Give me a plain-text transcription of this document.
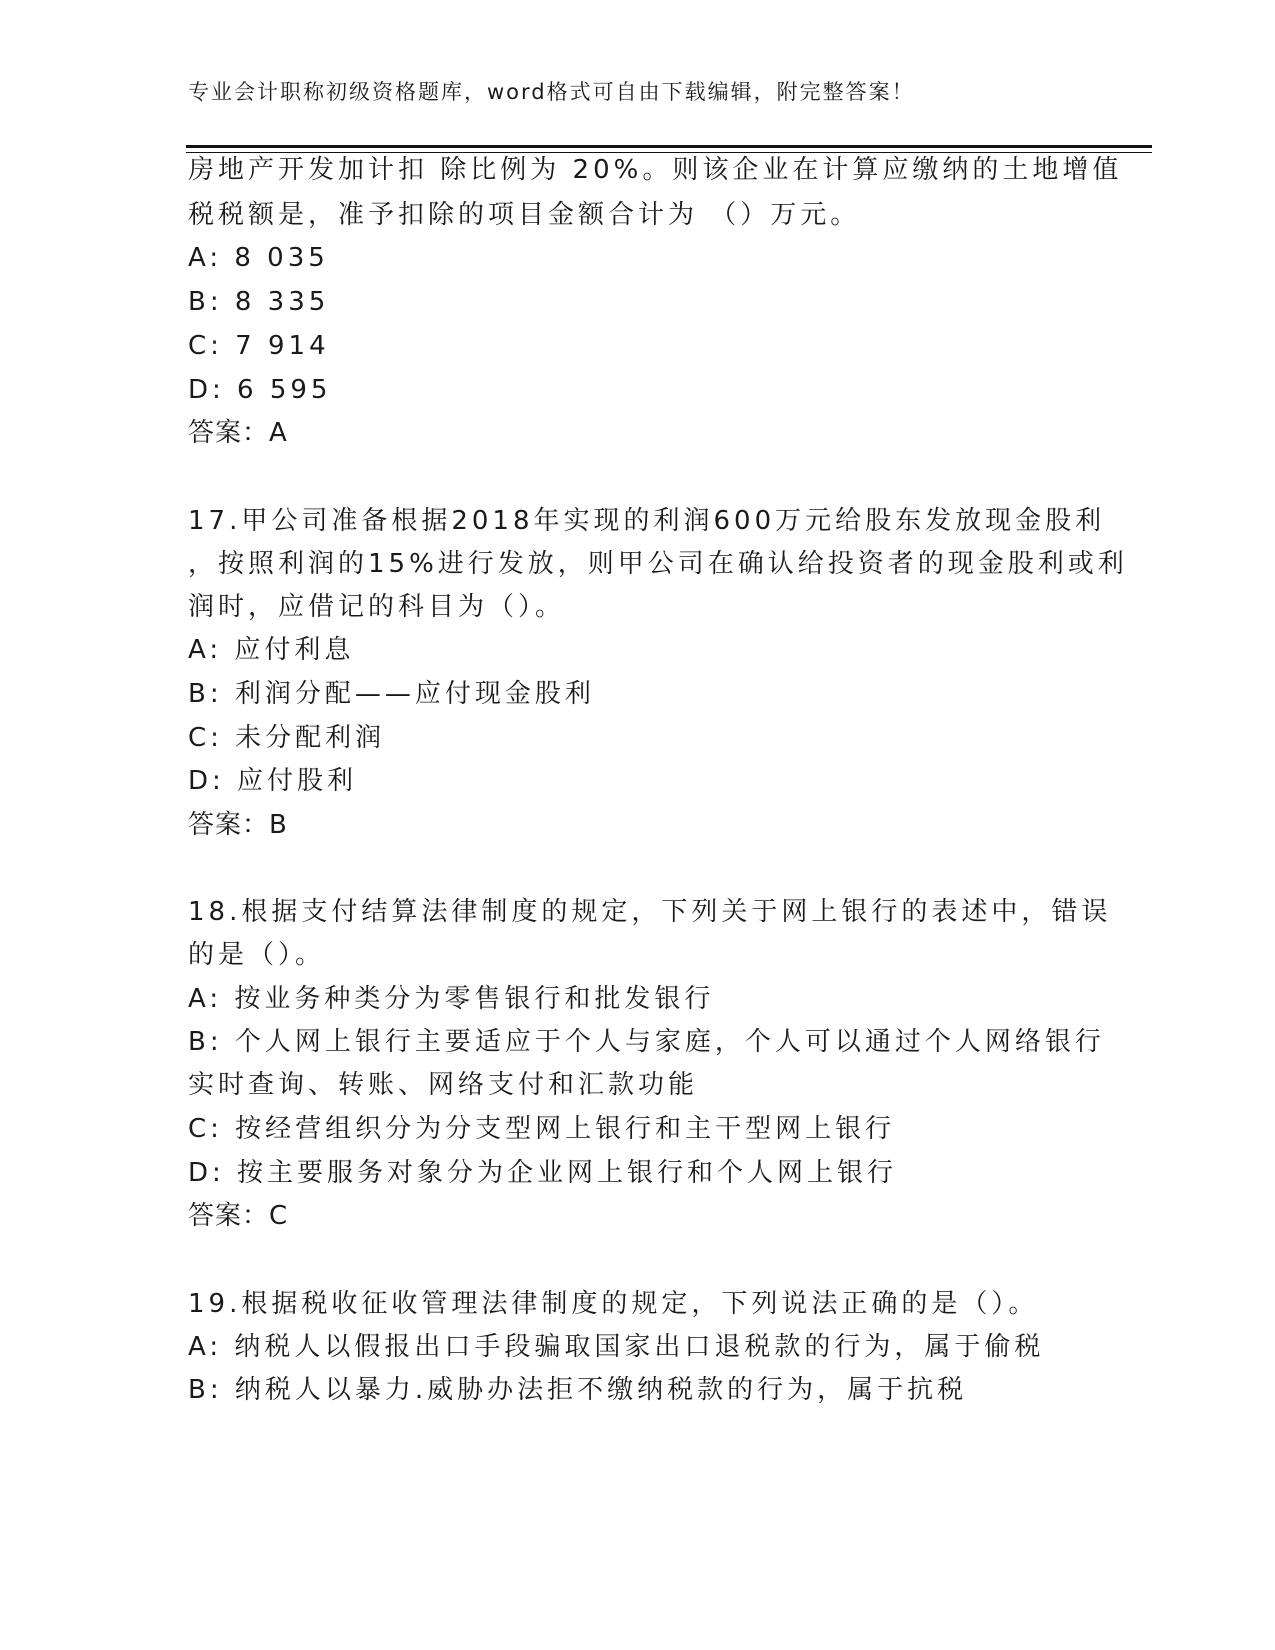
专业会计职称初级资格题库，word格式可自由下载编辑，附完整答案！
房地产开发加计扣 除比例为 20%。则该企业在计算应缴纳的土地增值
税税额是，准予扣除的项目金额合计为 （）万元。
A: 8 035
B: 8 335
C: 7 914
D: 6 595
答案：A
17.甲公司准备根据2018年实现的利润600万元给股东发放现金股利
，按照利润的15%进行发放，则甲公司在确认给投资者的现金股利或利
润时，应借记的科目为（）。
A: 应付利息
B: 利润分配——应付现金股利
C: 未分配利润
D: 应付股利
答案：B
18.根据支付结算法律制度的规定，下列关于网上银行的表述中，错误
的是（）。
A: 按业务种类分为零售银行和批发银行
B: 个人网上银行主要适应于个人与家庭，个人可以通过个人网络银行
实时查询、转账、网络支付和汇款功能
C: 按经营组织分为分支型网上银行和主干型网上银行
D: 按主要服务对象分为企业网上银行和个人网上银行
答案：C
19.根据税收征收管理法律制度的规定，下列说法正确的是（）。
A: 纳税人以假报出口手段骗取国家出口退税款的行为，属于偷税
B: 纳税人以暴力.威胁办法拒不缴纳税款的行为，属于抗税
